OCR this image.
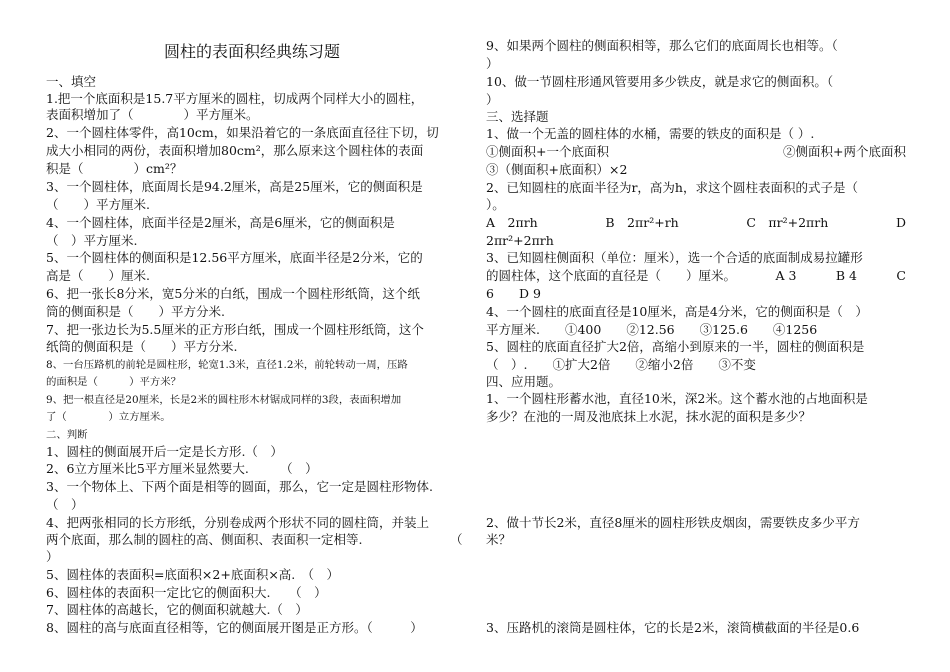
圆柱的表面积经典练习题
一、填空
1.把一个底面积是15.7平方厘米的圆柱，切成两个同样大小的圆柱，
表面积增加了（　　　　）平方厘米。
2、一个圆柱体零件，高10cm，如果沿着它的一条底面直径往下切，切
成大小相同的两份，表面积增加80cm²，那么原来这个圆柱体的表面
积是（　　　　）cm²？
3、一个圆柱体，底面周长是94.2厘米，高是25厘米，它的侧面积是
（　　）平方厘米.
4、一个圆柱体，底面半径是2厘米，高是6厘米，它的侧面积是
（　）平方厘米.
5、一个圆柱体的侧面积是12.56平方厘米，底面半径是2分米，它的
高是（　　）厘米.
6、把一张长8分米，宽5分米的白纸，围成一个圆柱形纸筒，这个纸
筒的侧面积是（　　）平方分米.
7、把一张边长为5.5厘米的正方形白纸，围成一个圆柱形纸筒，这个
纸筒的侧面积是（　　）平方分米.
8、一台压路机的前轮是圆柱形，轮宽1.3米，直径1.2米，前轮转动一周，压路
的面积是（　　　）平方米？
9、把一根直径是20厘米，长是2米的圆柱形木材锯成同样的3段，表面积增加
了（　　　　）立方厘米。
二、判断
1、圆柱的侧面展开后一定是长方形.（　）
2、6立方厘米比5平方厘米显然要大.　　　（　）
3、一个物体上、下两个面是相等的圆面，那么，它一定是圆柱形物体.
（　）
4、把两张相同的长方形纸，分别卷成两个形状不同的圆柱筒，并装上
两个底面，那么制的圆柱的高、侧面积、表面积一定相等.	（
）
5、圆柱体的表面积=底面积×2+底面积×高.　（　）
6、圆柱体的表面积一定比它的侧面积大.　　（　）
7、圆柱体的高越长，它的侧面积就越大.（　）
8、圆柱的高与底面直径相等，它的侧面展开图是正方形。（　　　）
9、如果两个圆柱的侧面积相等，那么它们的底面周长也相等。（
）
10、做一节圆柱形通风管要用多少铁皮，就是求它的侧面积。（
）
三、选择题
1、做一个无盖的圆柱体的水桶，需要的铁皮的面积是（ ）.
①侧面积+一个底面积	②侧面积+两个底面积
③（侧面积+底面积）×2
2、已知圆柱的底面半径为r，高为h，求这个圆柱表面积的式子是（
）。
A　2πrh	B　2πr²+rh	C　πr²+2πrh	D
2πr²+2πrh
3、已知圆柱侧面积（单位：厘米），选一个合适的底面制成易拉罐形
的圆柱体，这个底面的直径是（　　）厘米。	A 3	B 4	C
6　　D 9
4、一个圆柱的底面直径是10厘米，高是4分米，它的侧面积是（　）
平方厘米.　　①400　　②12.56　　③125.6　　④1256
5、圆柱的底面直径扩大2倍，高缩小到原来的一半，圆柱的侧面积是
（　）.　　①扩大2倍　　②缩小2倍　　③不变
四、应用题。
1、一个圆柱形蓄水池，直径10米，深2米。这个蓄水池的占地面积是
多少？在池的一周及池底抹上水泥，抹水泥的面积是多少？
2、做十节长2米，直径8厘米的圆柱形铁皮烟囱，需要铁皮多少平方
米？
3、压路机的滚筒是圆柱体，它的长是2米，滚筒横截面的半径是0.6
